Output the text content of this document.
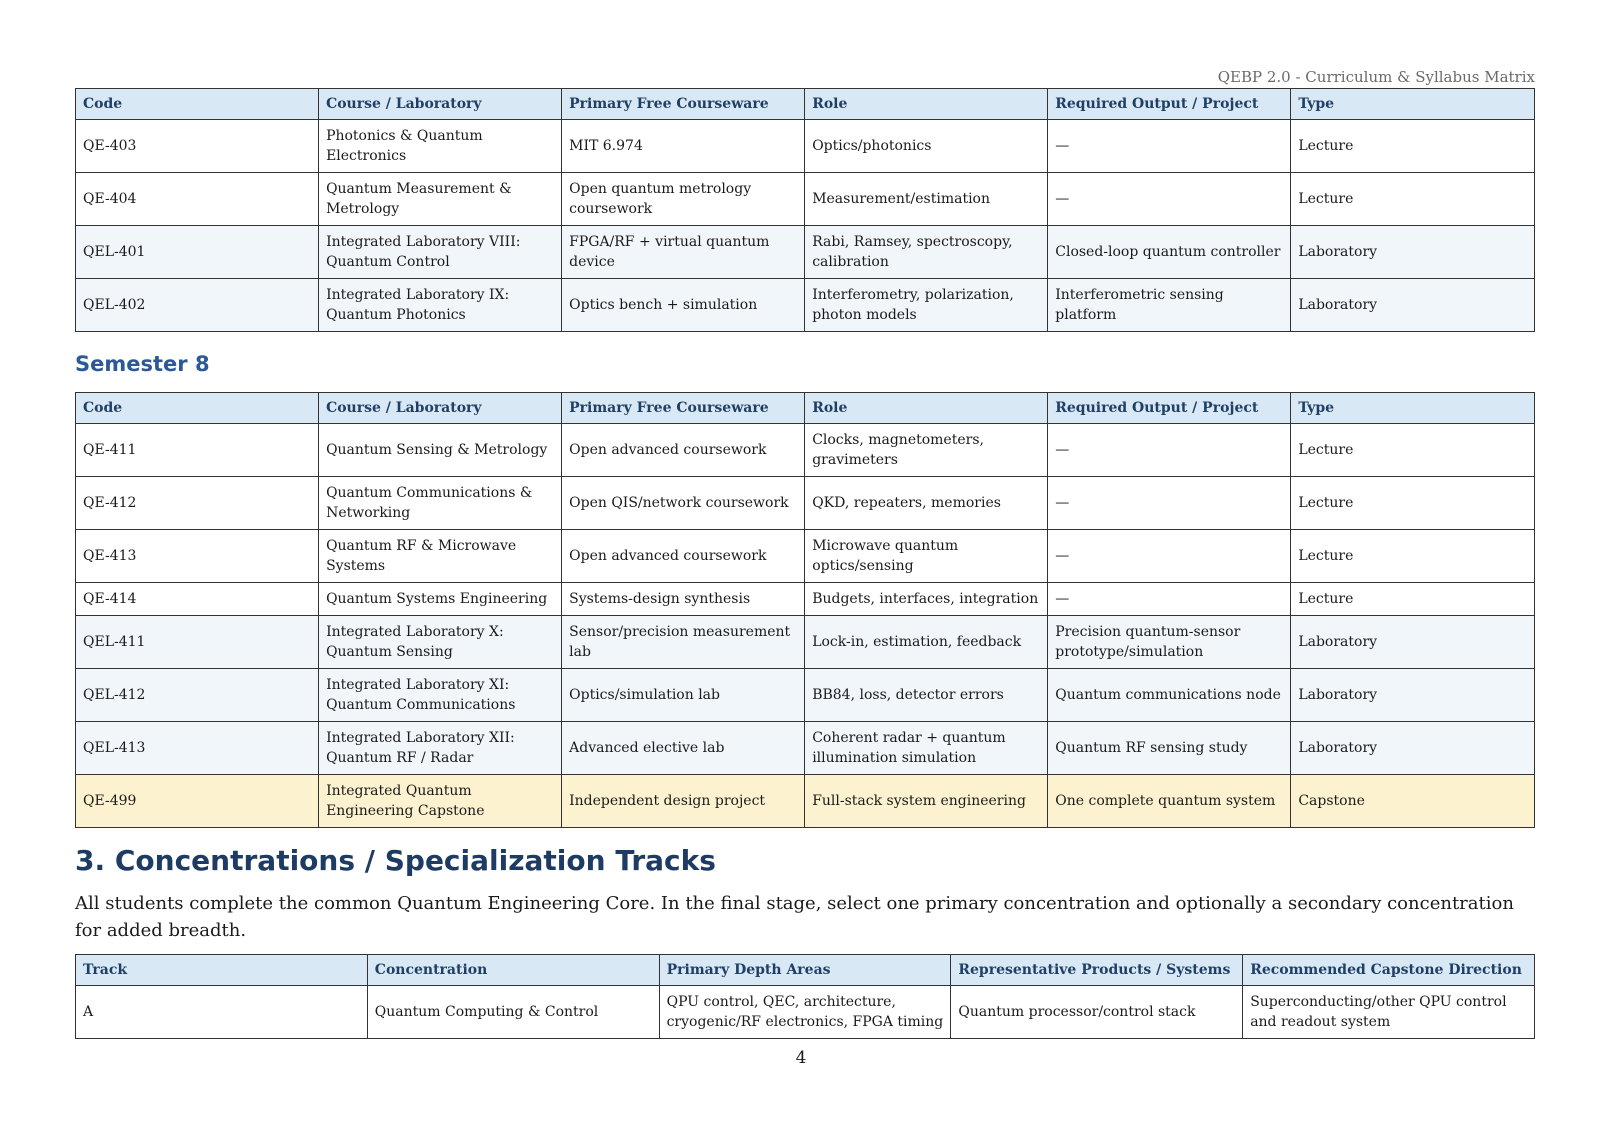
QEBP 2.0 - Curriculum & Syllabus Matrix
Code	Course / Laboratory	Primary Free Courseware	Role	Required Output / Project	Type
QE-403	Photonics & Quantum Electronics	MIT 6.974	Optics/photonics	—	Lecture
QE-404	Quantum Measurement & Metrology	Open quantum metrology coursework	Measurement/estimation	—	Lecture
QEL-401	Integrated Laboratory VIII: Quantum Control	FPGA/RF + virtual quantum device	Rabi, Ramsey, spectroscopy, calibration	Closed-loop quantum controller	Laboratory
QEL-402	Integrated Laboratory IX: Quantum Photonics	Optics bench + simulation	Interferometry, polarization, photon models	Interferometric sensing platform	Laboratory
Semester 8
Code	Course / Laboratory	Primary Free Courseware	Role	Required Output / Project	Type
QE-411	Quantum Sensing & Metrology	Open advanced coursework	Clocks, magnetometers, gravimeters	—	Lecture
QE-412	Quantum Communications & Networking	Open QIS/network coursework	QKD, repeaters, memories	—	Lecture
QE-413	Quantum RF & Microwave Systems	Open advanced coursework	Microwave quantum optics/sensing	—	Lecture
QE-414	Quantum Systems Engineering	Systems-design synthesis	Budgets, interfaces, integration	—	Lecture
QEL-411	Integrated Laboratory X: Quantum Sensing	Sensor/precision measurement lab	Lock-in, estimation, feedback	Precision quantum-sensor prototype/simulation	Laboratory
QEL-412	Integrated Laboratory XI: Quantum Communications	Optics/simulation lab	BB84, loss, detector errors	Quantum communications node	Laboratory
QEL-413	Integrated Laboratory XII: Quantum RF / Radar	Advanced elective lab	Coherent radar + quantum illumination simulation	Quantum RF sensing study	Laboratory
QE-499	Integrated Quantum Engineering Capstone	Independent design project	Full-stack system engineering	One complete quantum system	Capstone
3. Concentrations / Specialization Tracks

All students complete the common Quantum Engineering Core. In the final stage, select one primary concentration and optionally a secondary concentration for added breadth.

Track	Concentration	Primary Depth Areas	Representative Products / Systems	Recommended Capstone Direction
A	Quantum Computing & Control	QPU control, QEC, architecture, cryogenic/RF electronics, FPGA timing	Quantum processor/control stack	Superconducting/other QPU control and readout system
4
